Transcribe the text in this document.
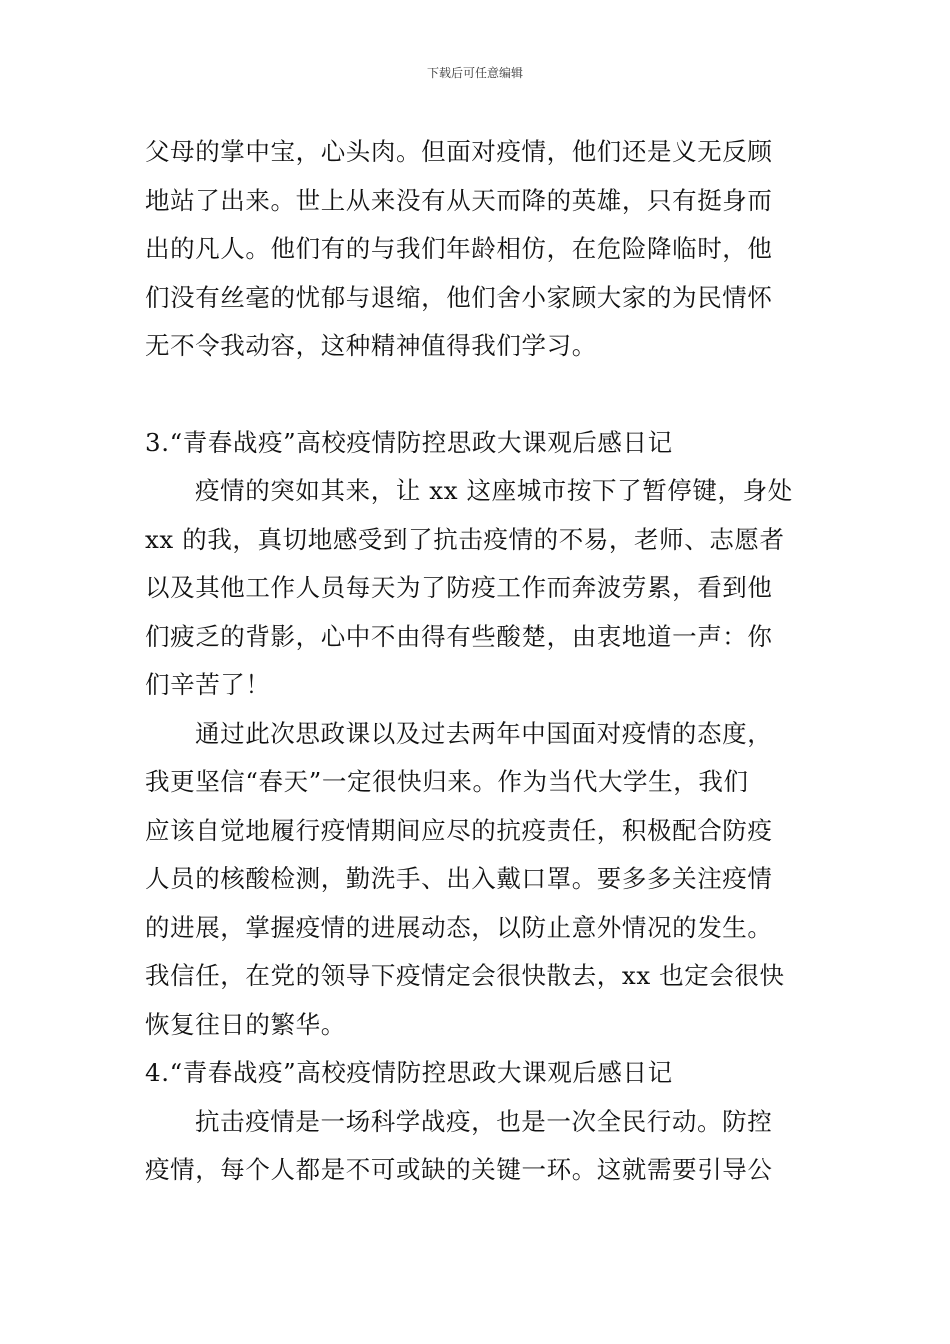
下载后可任意编辑
父母的掌中宝，心头肉。但面对疫情，他们还是义无反顾
地站了出来。世上从来没有从天而降的英雄，只有挺身而
出的凡人。他们有的与我们年龄相仿，在危险降临时，他
们没有丝毫的忧郁与退缩，他们舍小家顾大家的为民情怀
无不令我动容，这种精神值得我们学习。
3.“青春战疫”高校疫情防控思政大课观后感日记
疫情的突如其来，让 xx 这座城市按下了暂停键，身处
xx 的我，真切地感受到了抗击疫情的不易，老师、志愿者
以及其他工作人员每天为了防疫工作而奔波劳累，看到他
们疲乏的背影，心中不由得有些酸楚，由衷地道一声：你
们辛苦了！
通过此次思政课以及过去两年中国面对疫情的态度，
我更坚信“春天”一定很快归来。作为当代大学生，我们
应该自觉地履行疫情期间应尽的抗疫责任，积极配合防疫
人员的核酸检测，勤洗手、出入戴口罩。要多多关注疫情
的进展，掌握疫情的进展动态，以防止意外情况的发生。
我信任，在党的领导下疫情定会很快散去，xx 也定会很快
恢复往日的繁华。
4.“青春战疫”高校疫情防控思政大课观后感日记
抗击疫情是一场科学战疫，也是一次全民行动。防控
疫情，每个人都是不可或缺的关键一环。这就需要引导公
